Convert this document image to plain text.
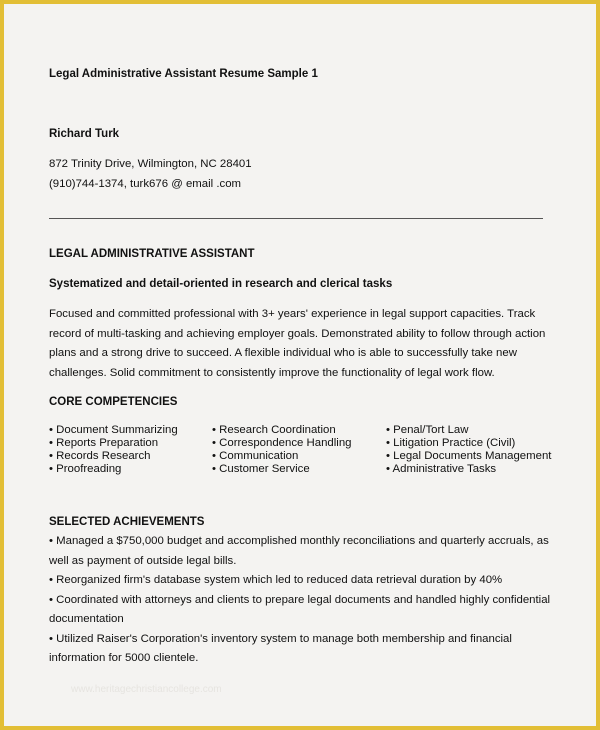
Legal Administrative Assistant Resume Sample 1
Richard Turk
872 Trinity Drive, Wilmington, NC 28401
(910)744-1374, turk676 @ email .com
LEGAL ADMINISTRATIVE ASSISTANT
Systematized and detail-oriented in research and clerical tasks
Focused and committed professional with 3+ years' experience in legal support capacities. Track
record of multi-tasking and achieving employer goals. Demonstrated ability to follow through action
plans and a strong drive to succeed. A flexible individual who is able to successfully take new
challenges. Solid commitment to consistently improve the functionality of legal work flow.
CORE COMPETENCIES
• Document Summarizing
• Reports Preparation
• Records Research
• Proofreading
• Research Coordination
• Correspondence Handling
• Communication
• Customer Service
• Penal/Tort Law
• Litigation Practice (Civil)
• Legal Documents Management
• Administrative Tasks
SELECTED ACHIEVEMENTS
• Managed a $750,000 budget and accomplished monthly reconciliations and quarterly accruals, as
well as payment of outside legal bills.
• Reorganized firm's database system which led to reduced data retrieval duration by 40%
• Coordinated with attorneys and clients to prepare legal documents and handled highly confidential
documentation
• Utilized Raiser's Corporation's inventory system to manage both membership and financial
information for 5000 clientele.
www.heritagechristiancollege.com
